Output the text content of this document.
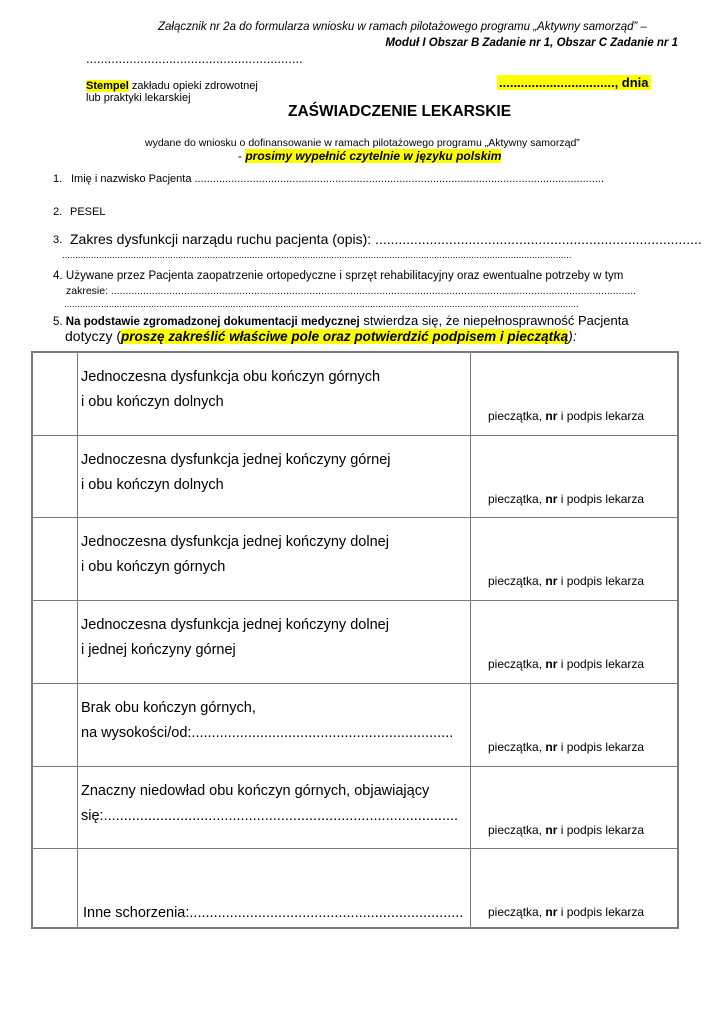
Załącznik nr 2a do formularza wniosku w ramach pilotażowego programu „Aktywny samorząd” –
Moduł I Obszar B Zadanie nr 1, Obszar C Zadanie nr 1
............................................................
Stempel zakładu opieki zdrowotnej
lub praktyki lekarskiej
................................, dnia
ZAŚWIADCZENIE LEKARSKIE
wydane do wniosku o dofinansowanie w ramach pilotażowego programu „Aktywny samorząd”
- prosimy wypełnić czytelnie w języku polskim
1. Imię i nazwisko Pacjenta ......................................................................................................................................
2. PESEL
3. Zakres dysfunkcji narządu ruchu pacjenta (opis): ....................................................................................
.................................................................................................................................................................................................
4. Używane przez Pacjenta zaopatrzenie ortopedyczne i sprzęt rehabilitacyjny oraz ewentualne potrzeby w tym
zakresie: ....................................................................................................................................................................................
...................................................................................................................................................................................................
5. Na podstawie zgromadzonej dokumentacji medycznej stwierdza się, że niepełnosprawność Pacjenta
dotyczy (proszę zakreślić właściwe pole oraz potwierdzić podpisem i pieczątką):
Jednoczesna dysfunkcja obu kończyn górnych
i obu kończyn dolnych
pieczątka, nr i podpis lekarza
Jednoczesna dysfunkcja jednej kończyny górnej
i obu kończyn dolnych
pieczątka, nr i podpis lekarza
Jednoczesna dysfunkcja jednej kończyny dolnej
i obu kończyn górnych
pieczątka, nr i podpis lekarza
Jednoczesna dysfunkcja jednej kończyny dolnej
i jednej kończyny górnej
pieczątka, nr i podpis lekarza
Brak obu kończyn górnych,
na wysokości/od:.................................................................
pieczątka, nr i podpis lekarza
Znaczny niedowład obu kończyn górnych, objawiający
się:........................................................................................
pieczątka, nr i podpis lekarza
Inne schorzenia:.................................................................... pieczątka, nr i podpis lekarza
